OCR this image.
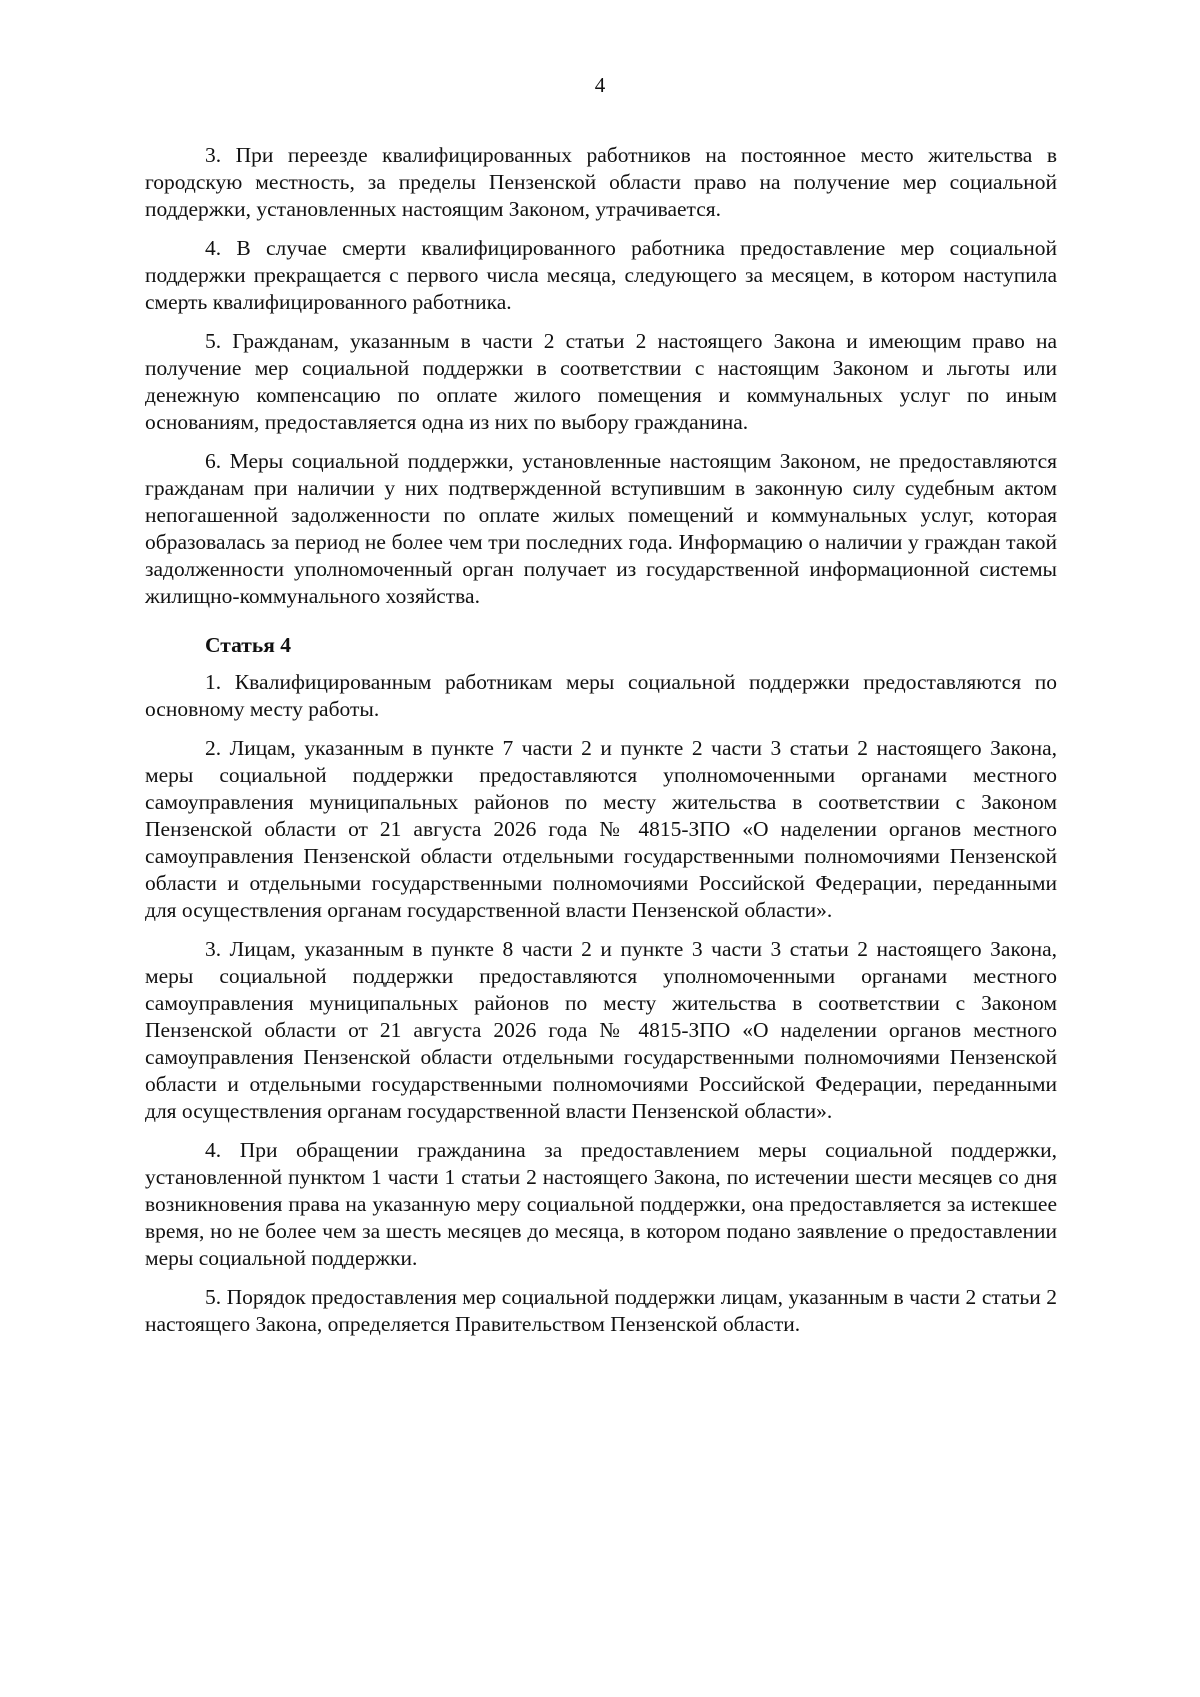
4

3. При переезде квалифицированных работников на постоянное место жительства в городскую местность, за пределы Пензенской области право на получение мер социальной поддержки, установленных настоящим Законом, утрачивается.

4. В случае смерти квалифицированного работника предоставление мер социальной поддержки прекращается с первого числа месяца, следующего за месяцем, в котором наступила смерть квалифицированного работника.

5. Гражданам, указанным в части 2 статьи 2 настоящего Закона и имеющим право на получение мер социальной поддержки в соответствии с настоящим Законом и льготы или денежную компенсацию по оплате жилого помещения и коммунальных услуг по иным основаниям, предоставляется одна из них по выбору гражданина.

6. Меры социальной поддержки, установленные настоящим Законом, не предоставляются гражданам при наличии у них подтвержденной вступившим в законную силу судебным актом непогашенной задолженности по оплате жилых помещений и коммунальных услуг, которая образовалась за период не более чем три последних года. Информацию о наличии у граждан такой задолженности уполномоченный орган получает из государственной информационной системы жилищно-коммунального хозяйства.

Статья 4

1. Квалифицированным работникам меры социальной поддержки предоставляются по основному месту работы.

2. Лицам, указанным в пункте 7 части 2 и пункте 2 части 3 статьи 2 настоящего Закона, меры социальной поддержки предоставляются уполномоченными органами местного самоуправления муниципальных районов по месту жительства в соответствии с Законом Пензенской области от 21 августа 2026 года № 4815-ЗПО «О наделении органов местного самоуправления Пензенской области отдельными государственными полномочиями Пензенской области и отдельными государственными полномочиями Российской Федерации, переданными для осуществления органам государственной власти Пензенской области».

3. Лицам, указанным в пункте 8 части 2 и пункте 3 части 3 статьи 2 настоящего Закона, меры социальной поддержки предоставляются уполномоченными органами местного самоуправления муниципальных районов по месту жительства в соответствии с Законом Пензенской области от 21 августа 2026 года № 4815-ЗПО «О наделении органов местного самоуправления Пензенской области отдельными государственными полномочиями Пензенской области и отдельными государственными полномочиями Российской Федерации, переданными для осуществления органам государственной власти Пензенской области».

4. При обращении гражданина за предоставлением меры социальной поддержки, установленной пунктом 1 части 1 статьи 2 настоящего Закона, по истечении шести месяцев со дня возникновения права на указанную меру социальной поддержки, она предоставляется за истекшее время, но не более чем за шесть месяцев до месяца, в котором подано заявление о предоставлении меры социальной поддержки.

5. Порядок предоставления мер социальной поддержки лицам, указанным в части 2 статьи 2 настоящего Закона, определяется Правительством Пензенской области.
